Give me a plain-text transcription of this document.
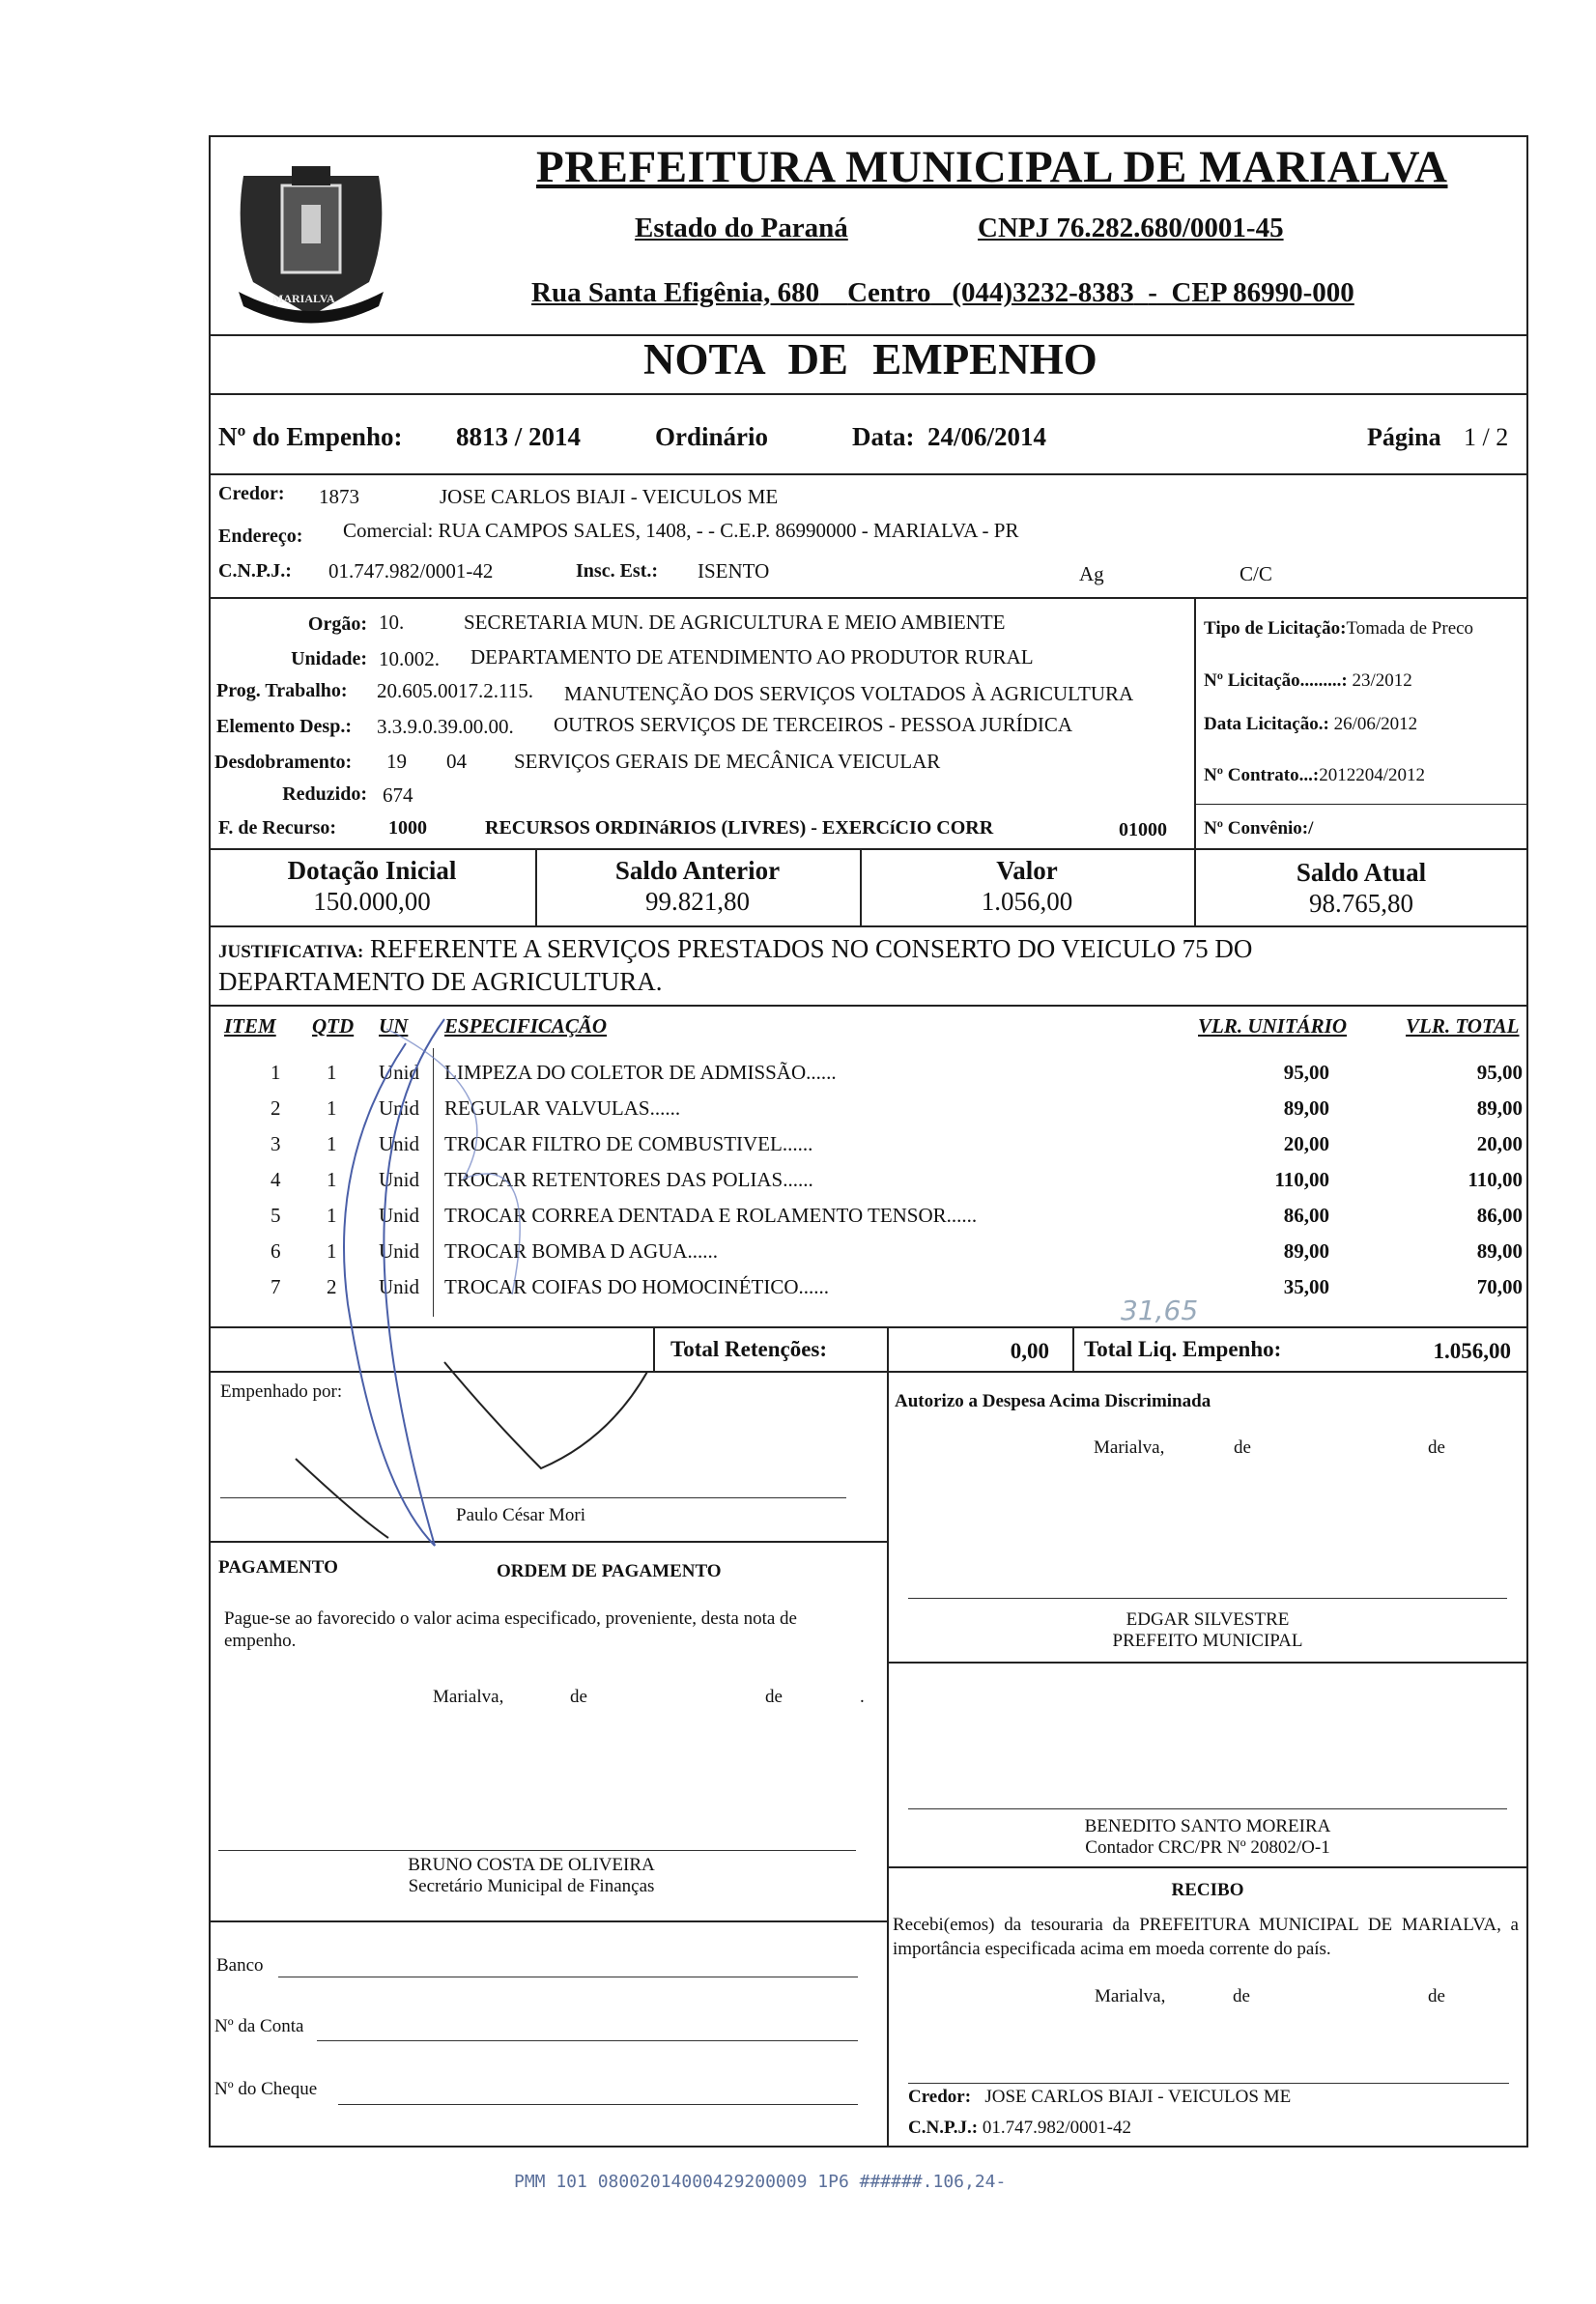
MARIALVA
PREFEITURA MUNICIPAL DE MARIALVA
Estado do Paraná	CNPJ 76.282.680/0001-45
Rua Santa Efigênia, 680 Centro (044)3232-8383 - CEP 86990-000
NOTA DE EMPENHO
Nº do Empenho: 8813 / 2014	Ordinário	Data: 24/06/2014	Página 1 / 2
Credor: 1873	JOSE CARLOS BIAJI - VEICULOS ME
Endereço: Comercial: RUA CAMPOS SALES, 1408, - - C.E.P. 86990000 - MARIALVA - PR
C.N.P.J.: 01.747.982/0001-42	Insc. Est.: ISENTO	Ag	C/C
Orgão: 10.	SECRETARIA MUN. DE AGRICULTURA E MEIO AMBIENTE
Unidade: 10.002. DEPARTAMENTO DE ATENDIMENTO AO PRODUTOR RURAL
Prog. Trabalho: 20.605.0017.2.115. MANUTENÇÃO DOS SERVIÇOS VOLTADOS À AGRICULTURA
Elemento Desp.: 3.3.9.0.39.00.00. OUTROS SERVIÇOS DE TERCEIROS - PESSOA JURÍDICA
Desdobramento: 19 04 SERVIÇOS GERAIS DE MECÂNICA VEICULAR
Reduzido: 674
F. de Recurso:	1000	RECURSOS ORDINáRIOS (LIVRES) - EXERCíCIO CORR	01000
Tipo de Licitação:Tomada de Preco
Nº Licitação.........: 23/2012
Data Licitação.: 26/06/2012
Nº Contrato...:2012204/2012
Nº Convênio:/
Dotação Inicial
150.000,00
Saldo Anterior
99.821,80
Valor
1.056,00
Saldo Atual
98.765,80
JUSTIFICATIVA: REFERENTE A SERVIÇOS PRESTADOS NO CONSERTO DO VEICULO 75 DO
DEPARTAMENTO DE AGRICULTURA.
ITEM QTD UN ESPECIFICAÇÃO	VLR. UNITÁRIO	VLR. TOTAL
1 1 Unid LIMPEZA DO COLETOR DE ADMISSÃO......	95,00	95,00
2 1 Unid REGULAR VALVULAS......	89,00	89,00
3 1 Unid TROCAR FILTRO DE COMBUSTIVEL......	20,00	20,00
4 1 Unid TROCAR RETENTORES DAS POLIAS......	110,00	110,00
5 1 Unid TROCAR CORREA DENTADA E ROLAMENTO TENSOR......	86,00	86,00
6 1 Unid TROCAR BOMBA D AGUA......	89,00	89,00
7 2 Unid TROCAR COIFAS DO HOMOCINÉTICO......	35,00	70,00
31,65
Total Retenções:	0,00 Total Liq. Empenho:	1.056,00
Empenhado por:
Paulo César Mori
Autorizo a Despesa Acima Discriminada
Marialva,	de	de
PAGAMENTO	ORDEM DE PAGAMENTO
Pague-se ao favorecido o valor acima especificado, proveniente, desta nota de empenho.
Marialva,	de	de	.
EDGAR SILVESTRE
PREFEITO MUNICIPAL
BENEDITO SANTO MOREIRA
Contador CRC/PR Nº 20802/O-1
BRUNO COSTA DE OLIVEIRA
Secretário Municipal de Finanças	RECIBO
Recebi(emos) da tesouraria da PREFEITURA MUNICIPAL DE MARIALVA, a importância especificada acima em moeda corrente do país.
Marialva,	de	de
Banco
Nº da Conta
Nº do Cheque	Credor: JOSE CARLOS BIAJI - VEICULOS ME
C.N.P.J.: 01.747.982/0001-42
PMM 101 08002014000429200009 1P6 ######.106,24-
